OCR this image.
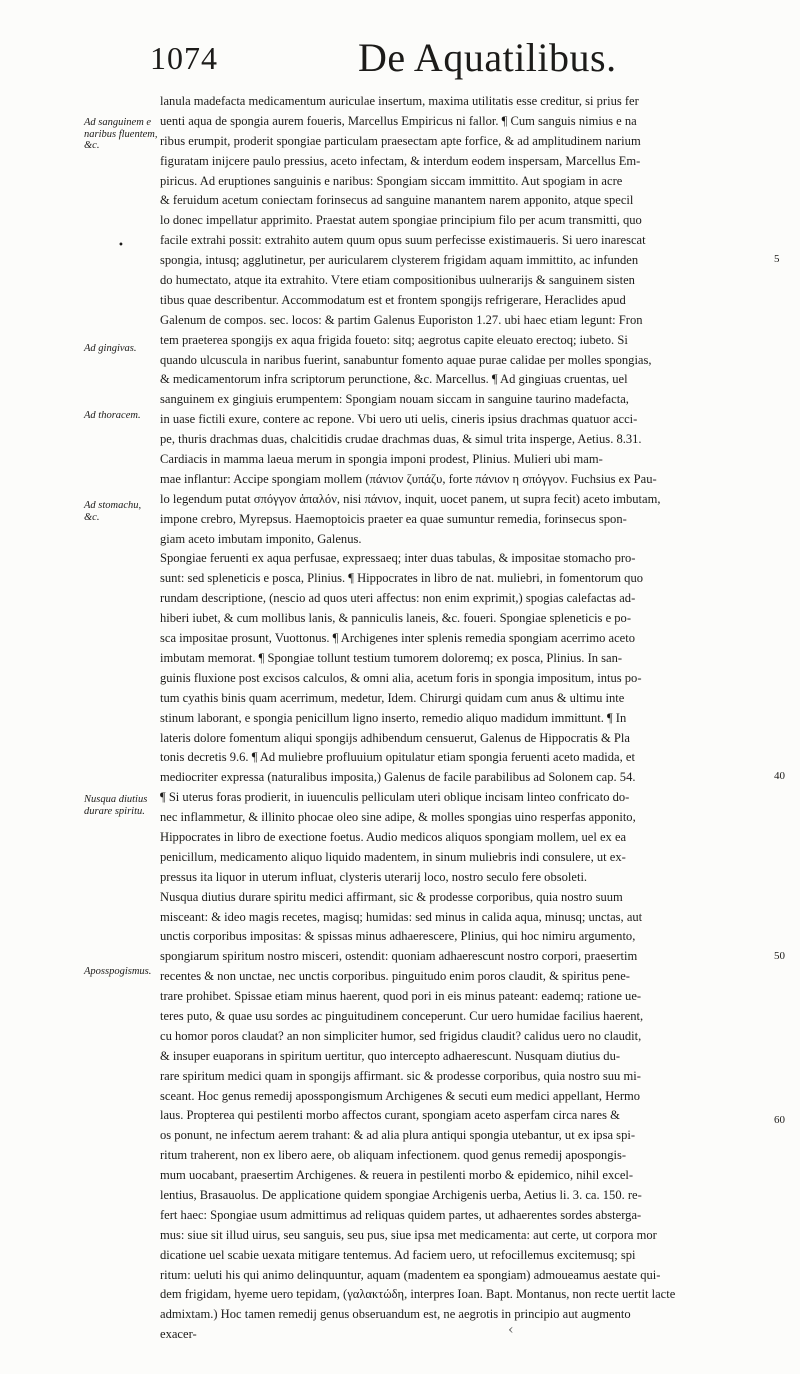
1074	De Aquatilibus.
Ad sanguinem e naribus fluentem, &c.
Ad gingivas.
Ad thoracem.
Ad stomachu, &c.
Nusqua diutius durare spiritu.
Aposspogismus.
•
5
40
50
60
lanula madefacta medicamentum auriculae insertum, maxima utilitatis esse creditur, si prius fer
uenti aqua de spongia aurem foueris, Marcellus Empiricus ni fallor. ¶ Cum sanguis nimius e na
ribus erumpit, proderit spongiae particulam praesectam apte forfice, & ad amplitudinem narium
figuratam inijcere paulo pressius, aceto infectam, & interdum eodem inspersam, Marcellus Em-
piricus. Ad eruptiones sanguinis e naribus: Spongiam siccam immittito. Aut spogiam in acre
& feruidum acetum coniectam forinsecus ad sanguine manantem narem apponito, atque specil
lo donec impellatur apprimito. Praestat autem spongiae principium filo per acum transmitti, quo
facile extrahi possit: extrahito autem quum opus suum perfecisse existimaueris. Si uero inarescat
spongia, intusq; agglutinetur, per auricularem clysterem frigidam aquam immittito, ac infunden
do humectato, atque ita extrahito. Vtere etiam compositionibus uulnerarijs & sanguinem sisten
tibus quae describentur. Accommodatum est et frontem spongijs refrigerare, Heraclides apud
Galenum de compos. sec. locos: & partim Galenus Euporiston 1.27. ubi haec etiam legunt: Fron
tem praeterea spongijs ex aqua frigida foueto: sitq; aegrotus capite eleuato erectoq; iubeto. Si
quando ulcuscula in naribus fuerint, sanabuntur fomento aquae purae calidae per molles spongias,
& medicamentorum infra scriptorum perunctione, &c. Marcellus. ¶ Ad gingiuas cruentas, uel
sanguinem ex gingiuis erumpentem: Spongiam nouam siccam in sanguine taurino madefacta,
in uase fictili exure, contere ac repone. Vbi uero uti uelis, cineris ipsius drachmas quatuor acci-
pe, thuris drachmas duas, chalcitidis crudae drachmas duas, & simul trita insperge, Aetius. 8.31.
Cardiacis in mamma laeua merum in spongia imponi prodest, Plinius. Mulieri ubi mam-
mae inflantur: Accipe spongiam mollem (πάνιον ζυπάζυ, forte πάνιον η σπόγγον. Fuchsius ex Pau-
lo legendum putat σπόγγον ἁπαλόν, nisi πάνιον, inquit, uocet panem, ut supra fecit) aceto imbutam,
impone crebro, Myrepsus. Haemoptoicis praeter ea quae sumuntur remedia, forinsecus spon-
giam aceto imbutam imponito, Galenus.
Spongiae feruenti ex aqua perfusae, expressaeq; inter duas tabulas, & impositae stomacho pro-
sunt: sed spleneticis e posca, Plinius. ¶ Hippocrates in libro de nat. muliebri, in fomentorum quo
rundam descriptione, (nescio ad quos uteri affectus: non enim exprimit,) spogias calefactas ad-
hiberi iubet, & cum mollibus lanis, & panniculis laneis, &c. foueri. Spongiae spleneticis e po-
sca impositae prosunt, Vuottonus. ¶ Archigenes inter splenis remedia spongiam acerrimo aceto
imbutam memorat. ¶ Spongiae tollunt testium tumorem doloremq; ex posca, Plinius. In san-
guinis fluxione post excisos calculos, & omni alia, acetum foris in spongia impositum, intus po-
tum cyathis binis quam acerrimum, medetur, Idem. Chirurgi quidam cum anus & ultimu inte
stinum laborant, e spongia penicillum ligno inserto, remedio aliquo madidum immittunt. ¶ In
lateris dolore fomentum aliqui spongijs adhibendum censuerut, Galenus de Hippocratis & Pla
tonis decretis 9.6. ¶ Ad muliebre profluuium opitulatur etiam spongia feruenti aceto madida, et
mediocriter expressa (naturalibus imposita,) Galenus de facile parabilibus ad Solonem cap. 54.
¶ Si uterus foras prodierit, in iuuenculis pelliculam uteri oblique incisam linteo confricato do-
nec inflammetur, & illinito phocae oleo sine adipe, & molles spongias uino resperfas apponito,
Hippocrates in libro de exectione foetus. Audio medicos aliquos spongiam mollem, uel ex ea
penicillum, medicamento aliquo liquido madentem, in sinum muliebris indi consulere, ut ex-
pressus ita liquor in uterum influat, clysteris uterarij loco, nostro seculo fere obsoleti.
Nusqua diutius durare spiritu medici affirmant, sic & prodesse corporibus, quia nostro suum
misceant: & ideo magis recetes, magisq; humidas: sed minus in calida aqua, minusq; unctas, aut
unctis corporibus impositas: & spissas minus adhaerescere, Plinius, qui hoc nimiru argumento,
spongiarum spiritum nostro misceri, ostendit: quoniam adhaerescunt nostro corpori, praesertim
recentes & non unctae, nec unctis corporibus. pinguitudo enim poros claudit, & spiritus pene-
trare prohibet. Spissae etiam minus haerent, quod pori in eis minus pateant: eademq; ratione ue-
teres puto, & quae usu sordes ac pinguitudinem conceperunt. Cur uero humidae facilius haerent,
cu homor poros claudat? an non simpliciter humor, sed frigidus claudit? calidus uero no claudit,
& insuper euaporans in spiritum uertitur, quo intercepto adhaerescunt. Nusquam diutius du-
rare spiritum medici quam in spongijs affirmant. sic & prodesse corporibus, quia nostro suu mi-
sceant. Hoc genus remedij aposspongismum Archigenes & secuti eum medici appellant, Hermo
laus. Propterea qui pestilenti morbo affectos curant, spongiam aceto asperfam circa nares &
os ponunt, ne infectum aerem trahant: & ad alia plura antiqui spongia utebantur, ut ex ipsa spi-
ritum traherent, non ex libero aere, ob aliquam infectionem. quod genus remedij apospongis-
mum uocabant, praesertim Archigenes. & reuera in pestilenti morbo & epidemico, nihil excel-
lentius, Brasauolus. De applicatione quidem spongiae Archigenis uerba, Aetius li. 3. ca. 150. re-
fert haec: Spongiae usum admittimus ad reliquas quidem partes, ut adhaerentes sordes absterga-
mus: siue sit illud uirus, seu sanguis, seu pus, siue ipsa met medicamenta: aut certe, ut corpora mor
dicatione uel scabie uexata mitigare tentemus. Ad faciem uero, ut refocillemus excitemusq; spi
ritum: ueluti his qui animo delinquuntur, aquam (madentem ea spongiam) admoueamus aestate qui-
dem frigidam, hyeme uero tepidam, (γαλακτώδη, interpres Ioan. Bapt. Montanus, non recte uertit lacte
admixtam.) Hoc tamen remedij genus obseruandum est, ne aegrotis in principio aut augmento
exacer-	‹
